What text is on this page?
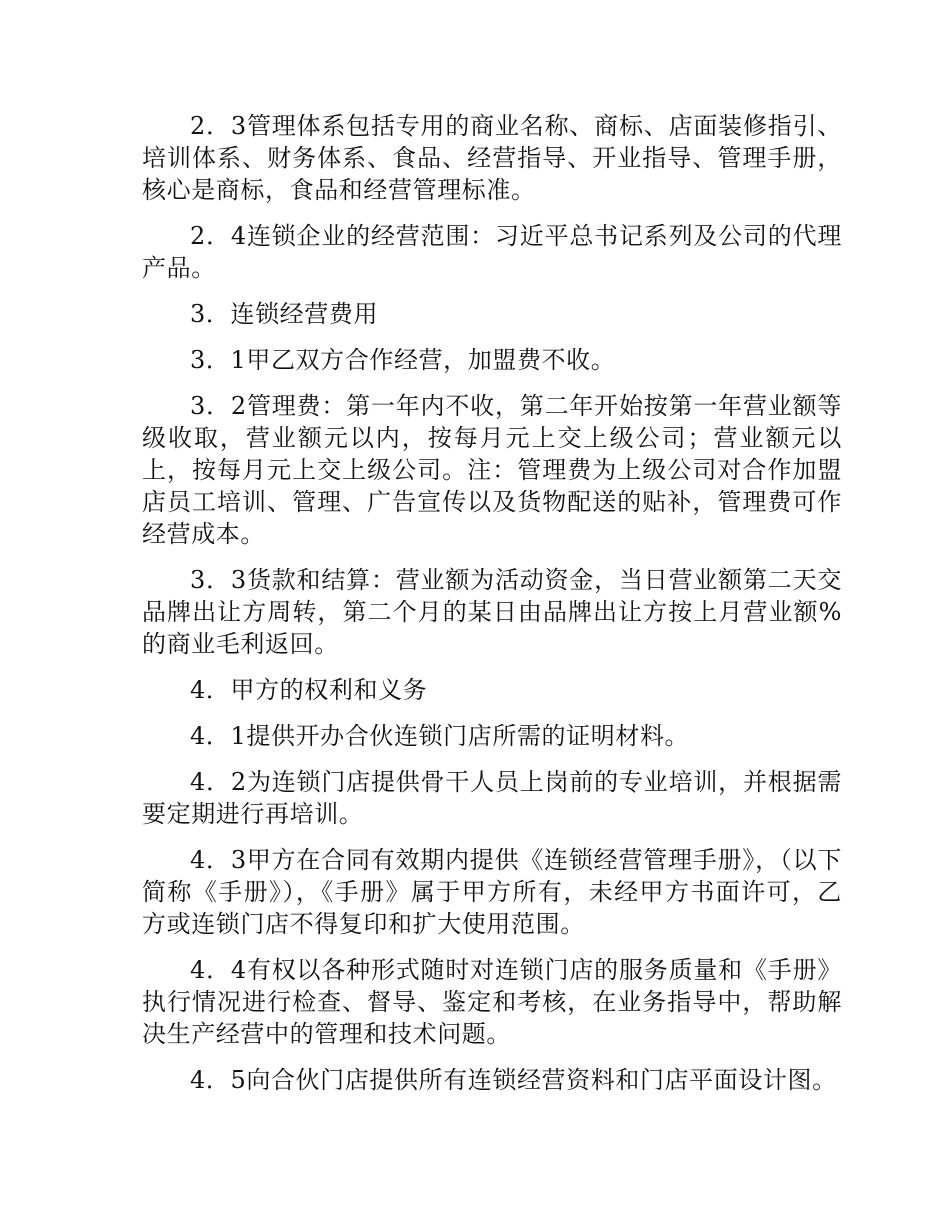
2．3管理体系包括专用的商业名称、商标、店面装修指引、培训体系、财务体系、食品、经营指导、开业指导、管理手册，核心是商标，食品和经营管理标准。

2．4连锁企业的经营范围：习近平总书记系列及公司的代理产品。

3．连锁经营费用

3．1甲乙双方合作经营，加盟费不收。

3．2管理费：第一年内不收，第二年开始按第一年营业额等级收取，营业额元以内，按每月元上交上级公司；营业额元以上，按每月元上交上级公司。注：管理费为上级公司对合作加盟店员工培训、管理、广告宣传以及货物配送的贴补，管理费可作经营成本。

3．3货款和结算：营业额为活动资金，当日营业额第二天交品牌出让方周转，第二个月的某日由品牌出让方按上月营业额%的商业毛利返回。

4．甲方的权利和义务

4．1提供开办合伙连锁门店所需的证明材料。

4．2为连锁门店提供骨干人员上岗前的专业培训，并根据需要定期进行再培训。

4．3甲方在合同有效期内提供《连锁经营管理手册》，（以下简称《手册》），《手册》属于甲方所有，未经甲方书面许可，乙方或连锁门店不得复印和扩大使用范围。

4．4有权以各种形式随时对连锁门店的服务质量和《手册》执行情况进行检查、督导、鉴定和考核，在业务指导中，帮助解决生产经营中的管理和技术问题。

4．5向合伙门店提供所有连锁经营资料和门店平面设计图。
